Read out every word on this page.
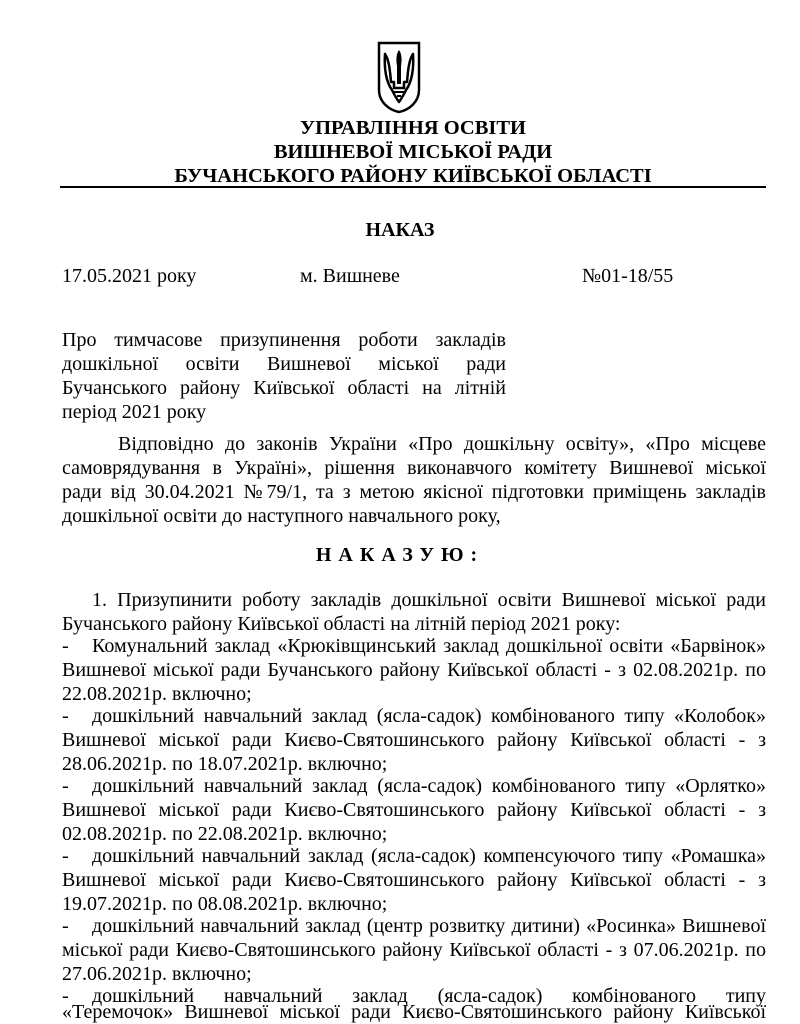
УПРАВЛІННЯ ОСВІТИ
ВИШНЕВОЇ МІСЬКОЇ РАДИ
БУЧАНСЬКОГО РАЙОНУ КИЇВСЬКОЇ ОБЛАСТІ
НАКАЗ
17.05.2021 року	м. Вишневе	№01-18/55
Про тимчасове призупинення роботи закладів
дошкільної освіти Вишневої міської ради
Бучанського району Київської області на літній
період 2021 року
Відповідно до законів України «Про дошкільну освіту», «Про місцеве
самоврядування в Україні», рішення виконавчого комітету Вишневої міської
ради від 30.04.2021 №79/1, та з метою якісної підготовки приміщень закладів
дошкільної освіти до наступного навчального року,
НАКАЗУЮ:
1. Призупинити роботу закладів дошкільної освіти Вишневої міської ради
Бучанського району Київської області на літній період 2021 року:
-	Комунальний заклад «Крюківщинський заклад дошкільної освіти «Барвінок»
Вишневої міської ради Бучанського району Київської області - з 02.08.2021р. по
22.08.2021р. включно;
-	дошкільний навчальний заклад (ясла-садок) комбінованого типу «Колобок»
Вишневої міської ради Києво-Святошинського району Київської області - з
28.06.2021р. по 18.07.2021р. включно;
-	дошкільний навчальний заклад (ясла-садок) комбінованого типу «Орлятко»
Вишневої міської ради Києво-Святошинського району Київської області - з
02.08.2021р. по 22.08.2021р. включно;
-	дошкільний навчальний заклад (ясла-садок) компенсуючого типу «Ромашка»
Вишневої міської ради Києво-Святошинського району Київської області - з
19.07.2021р. по 08.08.2021р. включно;
-	дошкільний навчальний заклад (центр розвитку дитини) «Росинка» Вишневої
міської ради Києво-Святошинського району Київської області - з 07.06.2021р. по
27.06.2021р. включно;
-	дошкільний навчальний заклад (ясла-садок) комбінованого типу
«Теремочок» Вишневої міської ради Києво-Святошинського району Київської
